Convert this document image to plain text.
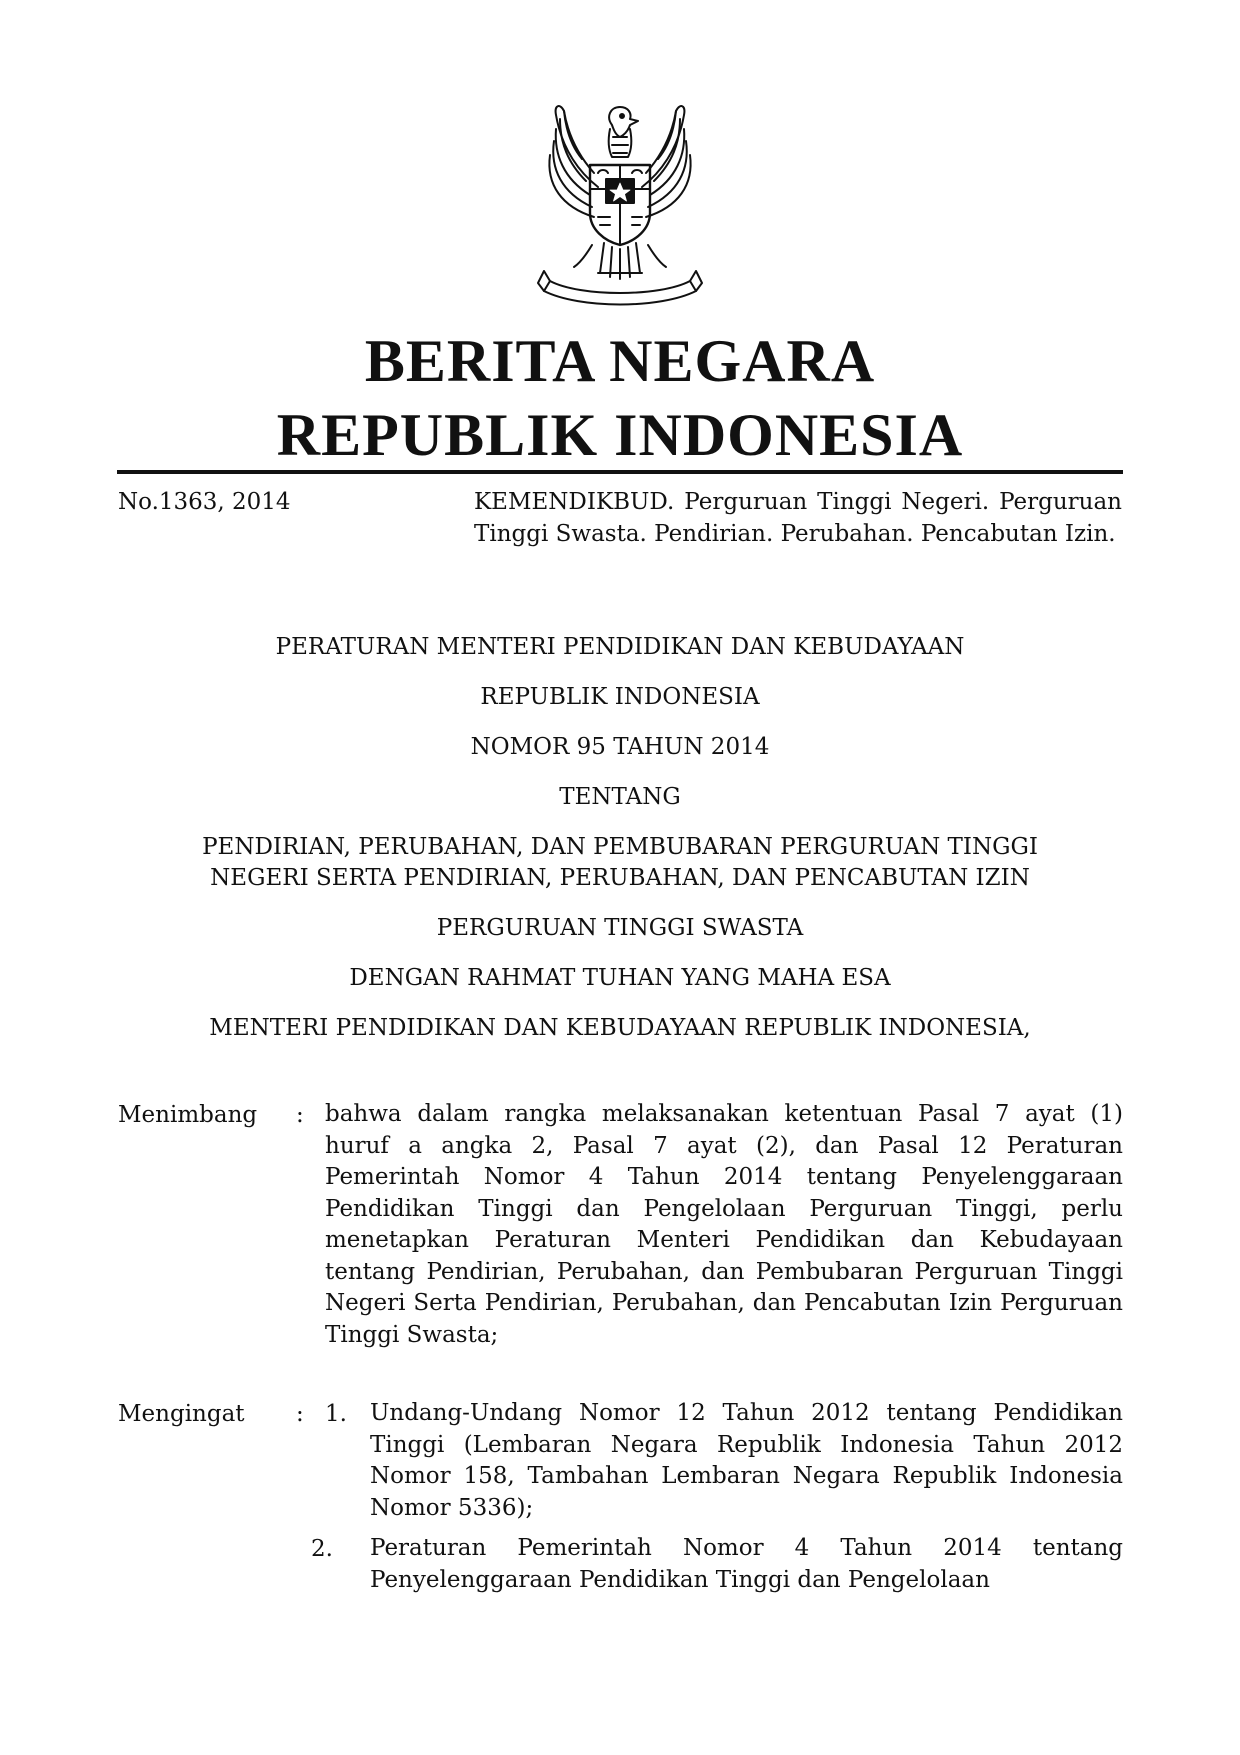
BERITA NEGARA
REPUBLIK INDONESIA
No.1363, 2014	KEMENDIKBUD. Perguruan Tinggi Negeri. Perguruan Tinggi Swasta. Pendirian. Perubahan. Pencabutan Izin.
PERATURAN MENTERI PENDIDIKAN DAN KEBUDAYAAN
REPUBLIK INDONESIA
NOMOR 95 TAHUN 2014
TENTANG
PENDIRIAN, PERUBAHAN, DAN PEMBUBARAN PERGURUAN TINGGI
NEGERI SERTA PENDIRIAN, PERUBAHAN, DAN PENCABUTAN IZIN
PERGURUAN TINGGI SWASTA
DENGAN RAHMAT TUHAN YANG MAHA ESA
MENTERI PENDIDIKAN DAN KEBUDAYAAN REPUBLIK INDONESIA,
Menimbang : bahwa dalam rangka melaksanakan ketentuan Pasal 7 ayat (1) huruf a angka 2, Pasal 7 ayat (2), dan Pasal 12 Peraturan Pemerintah Nomor 4 Tahun 2014 tentang Penyelenggaraan Pendidikan Tinggi dan Pengelolaan Perguruan Tinggi, perlu menetapkan Peraturan Menteri Pendidikan dan Kebudayaan tentang Pendirian, Perubahan, dan Pembubaran Perguruan Tinggi Negeri Serta Pendirian, Perubahan, dan Pencabutan Izin Perguruan Tinggi Swasta;
Mengingat : 1. Undang-Undang Nomor 12 Tahun 2012 tentang Pendidikan Tinggi (Lembaran Negara Republik Indonesia Tahun 2012 Nomor 158, Tambahan Lembaran Negara Republik Indonesia Nomor 5336);
2. Peraturan Pemerintah Nomor 4 Tahun 2014 tentang Penyelenggaraan Pendidikan Tinggi dan Pengelolaan
